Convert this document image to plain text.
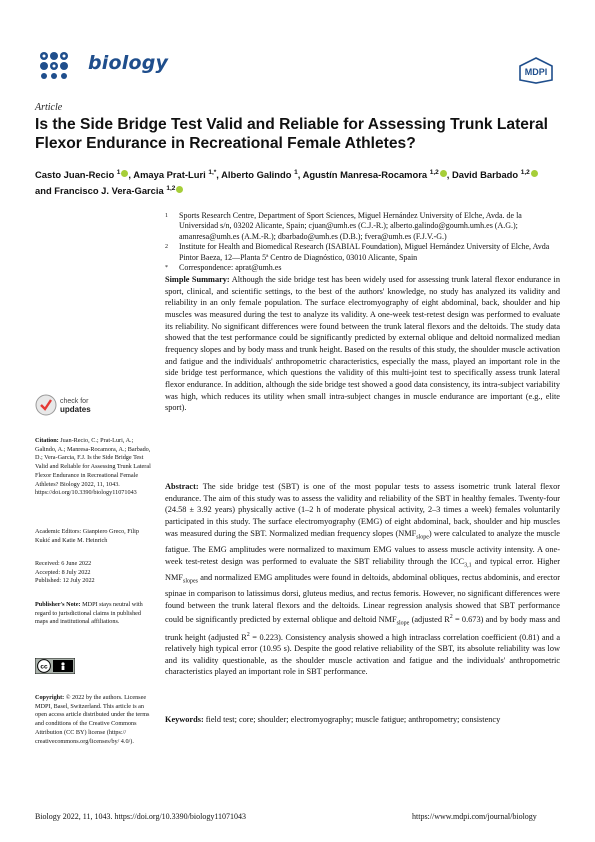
biology	MDPI
Article
Is the Side Bridge Test Valid and Reliable for Assessing Trunk Lateral Flexor Endurance in Recreational Female Athletes?
Casto Juan-Recio $^1$ , Amaya Prat-Luri $^{1,*}$, Alberto Galindo $^1$, Agustín Manresa-Rocamora $^{1,2}$ , David Barbado $^{1,2}$
and Francisco J. Vera-Garcia $^{1,2}$
1	Sports Research Centre, Department of Sport Sciences, Miguel Hernández University of Elche, Avda. de la Universidad s/n, 03202 Alicante, Spain; cjuan@umh.es (C.J.-R.); alberto.galindo@goumh.umh.es (A.G.); amanresa@umh.es (A.M.-R.); dbarbado@umh.es (D.B.); fvera@umh.es (F.J.V.-G.)
2	Institute for Health and Biomedical Research (ISABIAL Foundation), Miguel Hernández University of Elche, Avda Pintor Baeza, 12—Planta 5ª Centro de Diagnóstico, 03010 Alicante, Spain
*	Correspondence: aprat@umh.es
Simple Summary: Although the side bridge test has been widely used for assessing trunk lateral flexor endurance in sport, clinical, and scientific settings, to the best of the authors' knowledge, no study has analyzed its validity and reliability in an only female population. The surface electromyography of eight abdominal, back, shoulder and hip muscles was measured during the test to analyze its validity. A one-week test-retest design was performed to evaluate its reliability. No significant differences were found between the trunk lateral flexors and the deltoids. The study data showed that the test performance could be significantly predicted by external oblique and deltoid normalized median frequency slopes and by body mass and trunk height. Based on the results of this study, the shoulder muscle activation and fatigue and the individuals' anthropometric characteristics, especially the mass, played an important role in the side bridge test performance, which questions the validity of this multi-joint test to specifically assess trunk lateral flexor endurance. In addition, although the side bridge test showed a good data consistency, its intra-subject variability was high, which reduces its utility when small intra-subject changes in muscle endurance are important (e.g., elite sport).
Abstract: The side bridge test (SBT) is one of the most popular tests to assess isometric trunk lateral flexor endurance. The aim of this study was to assess the validity and reliability of the SBT in healthy females. Twenty-four (24.58 ± 3.92 years) physically active (1–2 h of moderate physical activity, 2–3 times a week) females voluntarily participated in this study. The surface electromyography (EMG) of eight abdominal, back, shoulder and hip muscles was measured during the SBT. Normalized median frequency slopes $(NMF_{slope})$ were calculated to analyze the muscle fatigue. The EMG amplitudes were normalized to maximum EMG values to assess muscle activity intensity. A one-week test-retest design was performed to evaluate the SBT reliability through the $ICC_{3,1}$ and typical error. Higher $NMF_{slopes}$ and normalized EMG amplitudes were found in deltoids, abdominal obliques, rectus abdominis, and erector spinae in comparison to latissimus dorsi, gluteus medius, and rectus femoris. However, no significant differences were found between the trunk lateral flexors and the deltoids. Linear regression analysis showed that SBT performance could be significantly predicted by external oblique and deltoid $NMF_{slope}$ (adjusted $R^2 = 0.673$) and by body mass and trunk height (adjusted $R^2 = 0.223$). Consistency analysis showed a high intraclass correlation coefficient (0.81) and a relatively high typical error (10.95 s). Despite the good relative reliability of the SBT, its absolute reliability was low and its validity questionable, as the shoulder muscle activation and fatigue and the individuals' anthropometric characteristics played an important role in SBT performance.
Keywords: field test; core; shoulder; electromyography; muscle fatigue; anthropometry; consistency
check for
updates
Citation: Juan-Recio, C.; Prat-Luri, A.; Galindo, A.; Manresa-Rocamora, A.; Barbado, D.; Vera-Garcia, F.J. Is the Side Bridge Test Valid and Reliable for Assessing Trunk Lateral Flexor Endurance in Recreational Female Athletes? Biology 2022, 11, 1043. https://doi.org/10.3390/biology11071043
Academic Editors: Gianpiero Greco, Filip Kukić and Katie M. Heinrich
Received: 6 June 2022
Accepted: 8 July 2022
Published: 12 July 2022
Publisher's Note: MDPI stays neutral with regard to jurisdictional claims in published maps and institutional affiliations.
cc
Copyright: © 2022 by the authors. Licensee MDPI, Basel, Switzerland. This article is an open access article distributed under the terms and conditions of the Creative Commons Attribution (CC BY) license (https:// creativecommons.org/licenses/by/ 4.0/).
Biology 2022, 11, 1043. https://doi.org/10.3390/biology11071043	https://www.mdpi.com/journal/biology
